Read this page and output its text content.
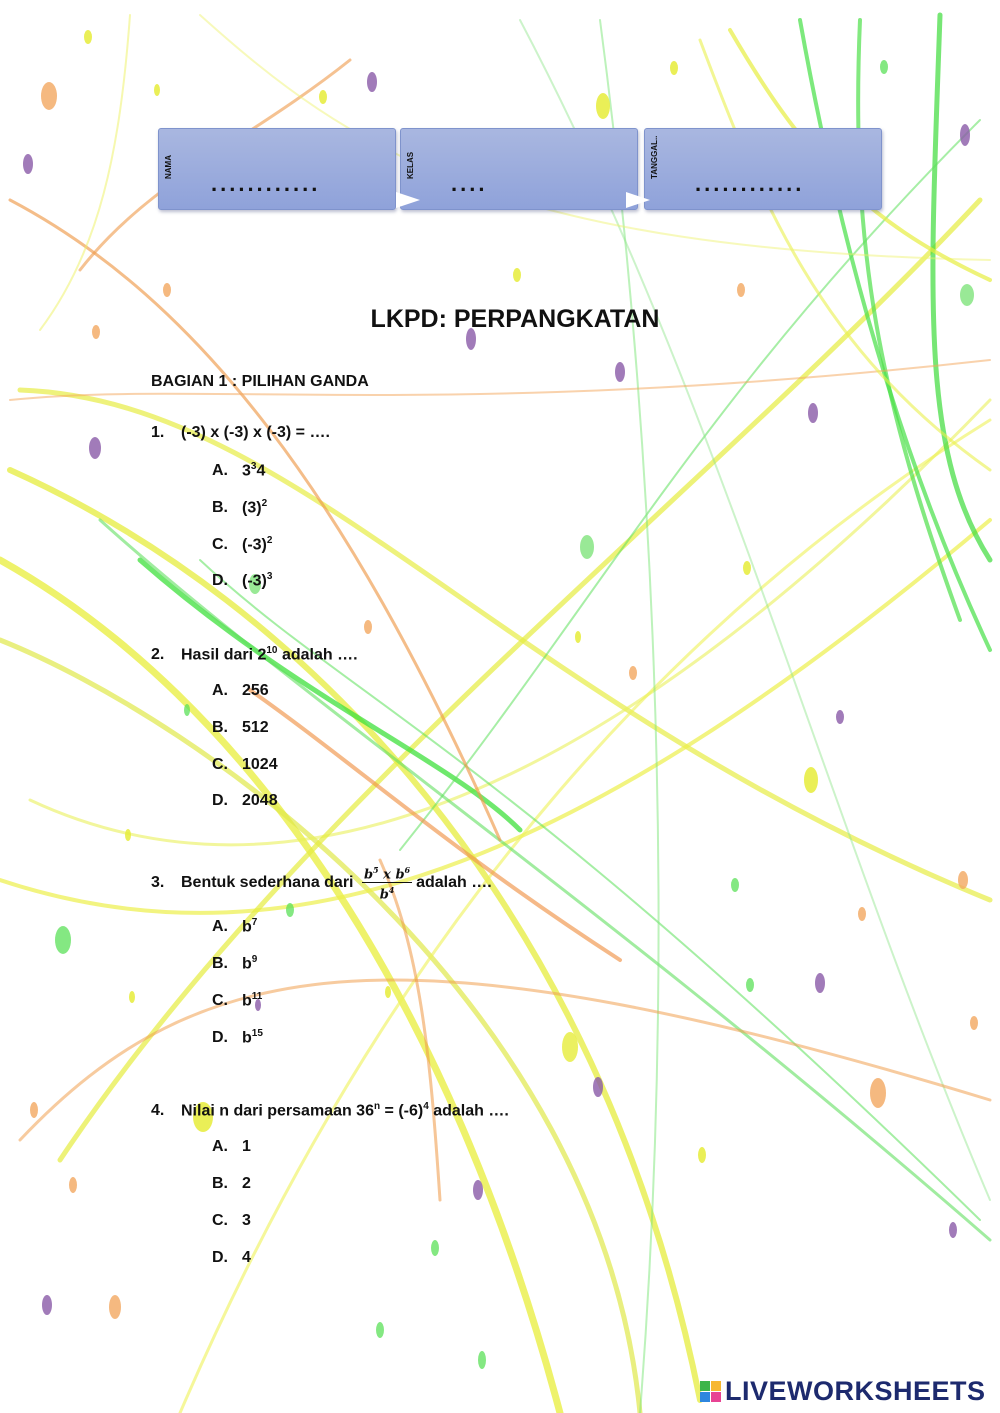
NAMA
............
KELAS
....
TANGGAL..
............
LKPD: PERPANGKATAN
BAGIAN 1 : PILIHAN GANDA
1. (-3) x (-3) x (-3) = ….
A. $3^34$
B. $(3)^2$
C. $(-3)^2$
D. $(-3)^3$
2. Hasil dari $2^{10}$ adalah ….
A. 256
B. 512
C. 1024
D. 2048
3. Bentuk sederhana dari $\frac{b^5 x b^6}{b^4}$ adalah ….
A. $b^7$
B. $b^9$
C. $b^{11}$
D. $b^{15}$
4. Nilai n dari persamaan $36^n = (-6)^4$ adalah ….
A. 1
B. 2
C. 3
D. 4
LIVEWORKSHEETS
